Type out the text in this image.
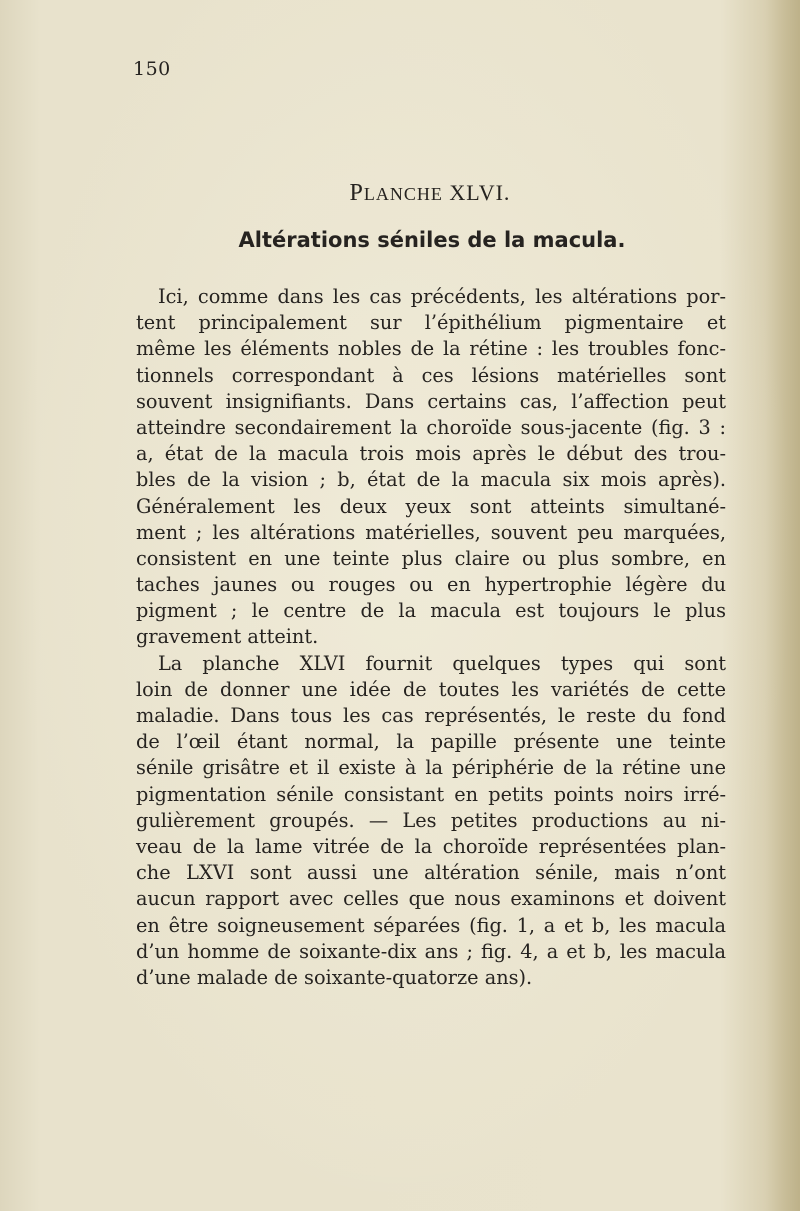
150
PLANCHE XLVI.
Altérations séniles de la macula.
Ici, comme dans les cas précédents, les altérations por-
tent principalement sur l’épithélium pigmentaire et
même les éléments nobles de la rétine : les troubles fonc-
tionnels correspondant à ces lésions matérielles sont
souvent insignifiants. Dans certains cas, l’affection peut
atteindre secondairement la choroïde sous-jacente (fig. 3 :
a, état de la macula trois mois après le début des trou-
bles de la vision ; b, état de la macula six mois après).
Généralement les deux yeux sont atteints simultané-
ment ; les altérations matérielles, souvent peu marquées,
consistent en une teinte plus claire ou plus sombre, en
taches jaunes ou rouges ou en hypertrophie légère du
pigment ; le centre de la macula est toujours le plus
gravement atteint.
La planche XLVI fournit quelques types qui sont
loin de donner une idée de toutes les variétés de cette
maladie. Dans tous les cas représentés, le reste du fond
de l’œil étant normal, la papille présente une teinte
sénile grisâtre et il existe à la périphérie de la rétine une
pigmentation sénile consistant en petits points noirs irré-
gulièrement groupés. — Les petites productions au ni-
veau de la lame vitrée de la choroïde représentées plan-
che LXVI sont aussi une altération sénile, mais n’ont
aucun rapport avec celles que nous examinons et doivent
en être soigneusement séparées (fig. 1, a et b, les macula
d’un homme de soixante-dix ans ; fig. 4, a et b, les macula
d’une malade de soixante-quatorze ans).
